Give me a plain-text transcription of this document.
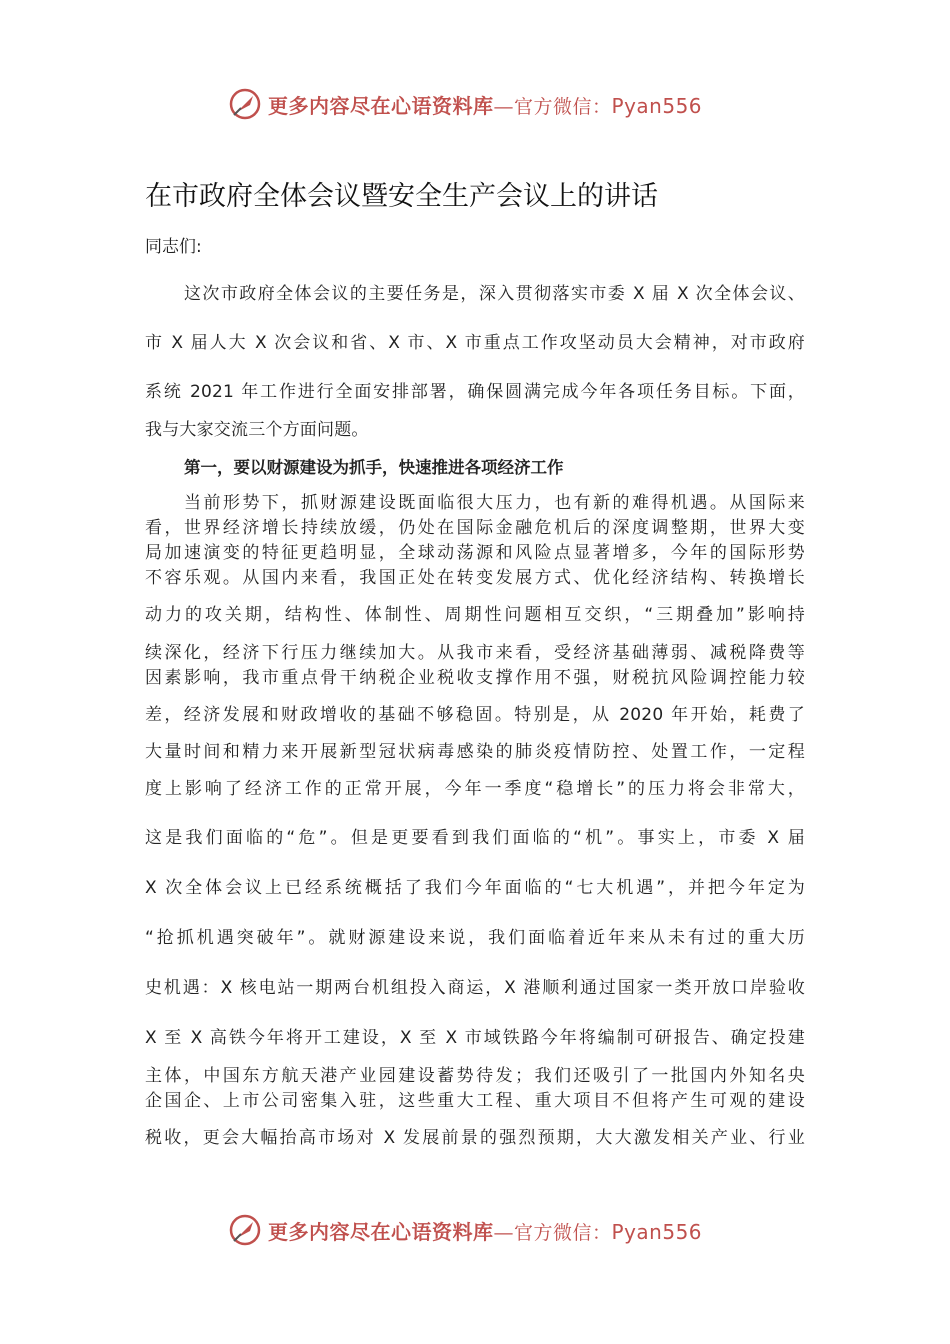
更多内容尽在心语资料库—官方微信：Pyan556
在市政府全体会议暨安全生产会议上的讲话
同志们:
这次市政府全体会议的主要任务是，深入贯彻落实市委 X 届 X 次全体会议、
市 X 届人大 X 次会议和省、X 市、X 市重点工作攻坚动员大会精神，对市政府
系统 2021 年工作进行全面安排部署，确保圆满完成今年各项任务目标。下面，
我与大家交流三个方面问题。
第一，要以财源建设为抓手，快速推进各项经济工作
当前形势下，抓财源建设既面临很大压力，也有新的难得机遇。从国际来
看，世界经济增长持续放缓，仍处在国际金融危机后的深度调整期，世界大变
局加速演变的特征更趋明显，全球动荡源和风险点显著增多，今年的国际形势
不容乐观。从国内来看，我国正处在转变发展方式、优化经济结构、转换增长
动力的攻关期，结构性、体制性、周期性问题相互交织，“三期叠加”影响持
续深化，经济下行压力继续加大。从我市来看，受经济基础薄弱、减税降费等
因素影响，我市重点骨干纳税企业税收支撑作用不强，财税抗风险调控能力较
差，经济发展和财政增收的基础不够稳固。特别是，从 2020 年开始，耗费了
大量时间和精力来开展新型冠状病毒感染的肺炎疫情防控、处置工作，一定程
度上影响了经济工作的正常开展，今年一季度“稳增长”的压力将会非常大，
这是我们面临的“危”。但是更要看到我们面临的“机”。事实上，市委 X 届
X 次全体会议上已经系统概括了我们今年面临的“七大机遇”，并把今年定为
“抢抓机遇突破年”。就财源建设来说，我们面临着近年来从未有过的重大历
史机遇：X 核电站一期两台机组投入商运，X 港顺利通过国家一类开放口岸验收
X 至 X 高铁今年将开工建设，X 至 X 市域铁路今年将编制可研报告、确定投建
主体，中国东方航天港产业园建设蓄势待发；我们还吸引了一批国内外知名央
企国企、上市公司密集入驻，这些重大工程、重大项目不但将产生可观的建设
税收，更会大幅抬高市场对 X 发展前景的强烈预期，大大激发相关产业、行业
更多内容尽在心语资料库—官方微信：Pyan556
